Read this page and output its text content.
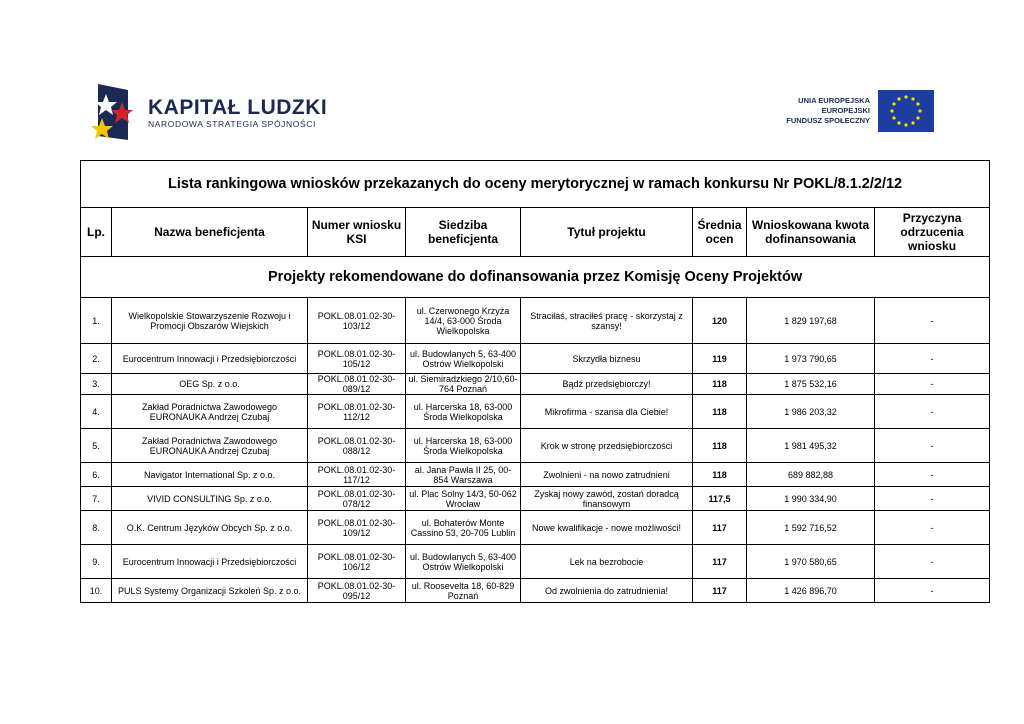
KAPITAŁ LUDZKI
NARODOWA STRATEGIA SPÓJNOŚCI
UNIA EUROPEJSKA
EUROPEJSKI
FUNDUSZ SPOŁECZNY
Lista rankingowa wniosków przekazanych do oceny merytorycznej w ramach konkursu Nr POKL/8.1.2/2/12							
Lp.	Nazwa beneficjenta	Numer wniosku KSI	Siedziba beneficjenta	Tytuł projektu	Średnia ocen	Wnioskowana kwota dofinansowania	Przyczyna odrzucenia wniosku
Projekty rekomendowane do dofinansowania przez Komisję Oceny Projektów							
1.	Wielkopolskie Stowarzyszenie Rozwoju i Promocji Obszarów Wiejskich	POKL.08.01.02-30-103/12	ul. Czerwonego Krzyża 14/4, 63-000 Środa Wielkopolska	Straciłaś, straciłeś pracę - skorzystaj z szansy!	120	1 829 197,68	-
2.	Eurocentrum Innowacji i Przedsiębiorczości	POKL.08.01.02-30-105/12	ul. Budowlanych 5, 63-400 Ostrów Wielkopolski	Skrzydła biznesu	119	1 973 790,65	-
3.	OEG Sp. z o.o.	POKL.08.01.02-30-089/12	ul. Siemiradzkiego 2/10,60-764 Poznań	Bądź przedsiębiorczy!	118	1 875 532,16	-
4.	Zakład Poradnictwa Zawodowego EURONAUKA Andrzej Czubaj	POKL.08.01.02-30-112/12	ul. Harcerska 18, 63-000 Środa Wielkopolska	Mikrofirma - szansa dla Ciebie!	118	1 986 203,32	-
5.	Zakład Poradnictwa Zawodowego EURONAUKA Andrzej Czubaj	POKL.08.01.02-30-088/12	ul. Harcerska 18, 63-000 Środa Wielkopolska	Krok w stronę przedsiębiorczości	118	1 981 495,32	-
6.	Navigator International Sp. z o.o.	POKL.08.01.02-30-117/12	al. Jana Pawła II 25, 00-854 Warszawa	Zwolnieni - na nowo zatrudnieni	118	689 882,88	-
7.	VIVID CONSULTING Sp. z o.o.	POKL.08.01.02-30-078/12	ul. Plac Solny 14/3, 50-062 Wrocław	Zyskaj nowy zawód, zostań doradcą finansowym	117,5	1 990 334,90	-
8.	O.K. Centrum Języków Obcych Sp. z o.o.	POKL.08.01.02-30-109/12	ul. Bohaterów Monte Cassino 53, 20-705 Lublin	Nowe kwalifikacje - nowe możliwości!	117	1 592 716,52	-
9.	Eurocentrum Innowacji i Przedsiębiorczości	POKL.08.01.02-30-106/12	ul. Budowlanych 5, 63-400 Ostrów Wielkopolski	Lek na bezrobocie	117	1 970 580,65	-
10.	PULS Systemy Organizacji Szkoleń Sp. z o.o.	POKL.08.01.02-30-095/12	ul. Roosevelta 18, 60-829 Poznań	Od zwolnienia do zatrudnienia!	117	1 426 896,70	-
